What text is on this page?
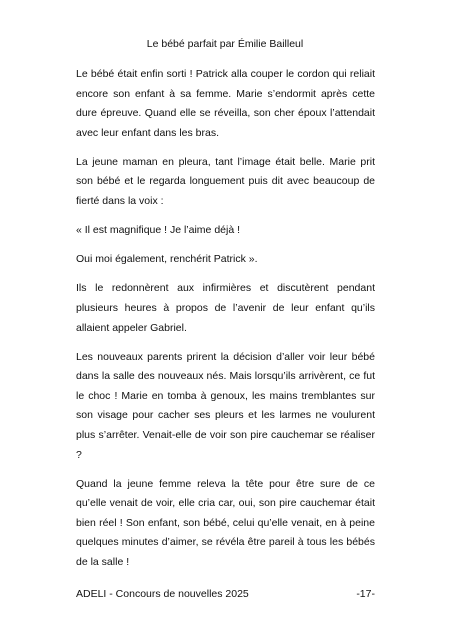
Le bébé parfait par Émilie Bailleul

Le bébé était enfin sorti ! Patrick alla couper le cordon qui reliait encore son enfant à sa femme. Marie s’endormit après cette dure épreuve. Quand elle se réveilla, son cher époux l’attendait avec leur enfant dans les bras.

La jeune maman en pleura, tant l’image était belle. Marie prit son bébé et le regarda longuement puis dit avec beaucoup de fierté dans la voix :

« Il est magnifique ! Je l’aime déjà !

Oui moi également, renchérit Patrick ».

Ils le redonnèrent aux infirmières et discutèrent pendant plusieurs heures à propos de l’avenir de leur enfant qu’ils allaient appeler Gabriel.

Les nouveaux parents prirent la décision d’aller voir leur bébé dans la salle des nouveaux nés. Mais lorsqu’ils arrivèrent, ce fut le choc ! Marie en tomba à genoux, les mains tremblantes sur son visage pour cacher ses pleurs et les larmes ne voulurent plus s’arrêter. Venait-elle de voir son pire cauchemar se réaliser ?

Quand la jeune femme releva la tête pour être sure de ce qu’elle venait de voir, elle cria car, oui, son pire cauchemar était bien réel ! Son enfant, son bébé, celui qu’elle venait, en à peine quelques minutes d’aimer, se révéla être pareil à tous les bébés de la salle !

ADELI - Concours de nouvelles 2025	-17-
